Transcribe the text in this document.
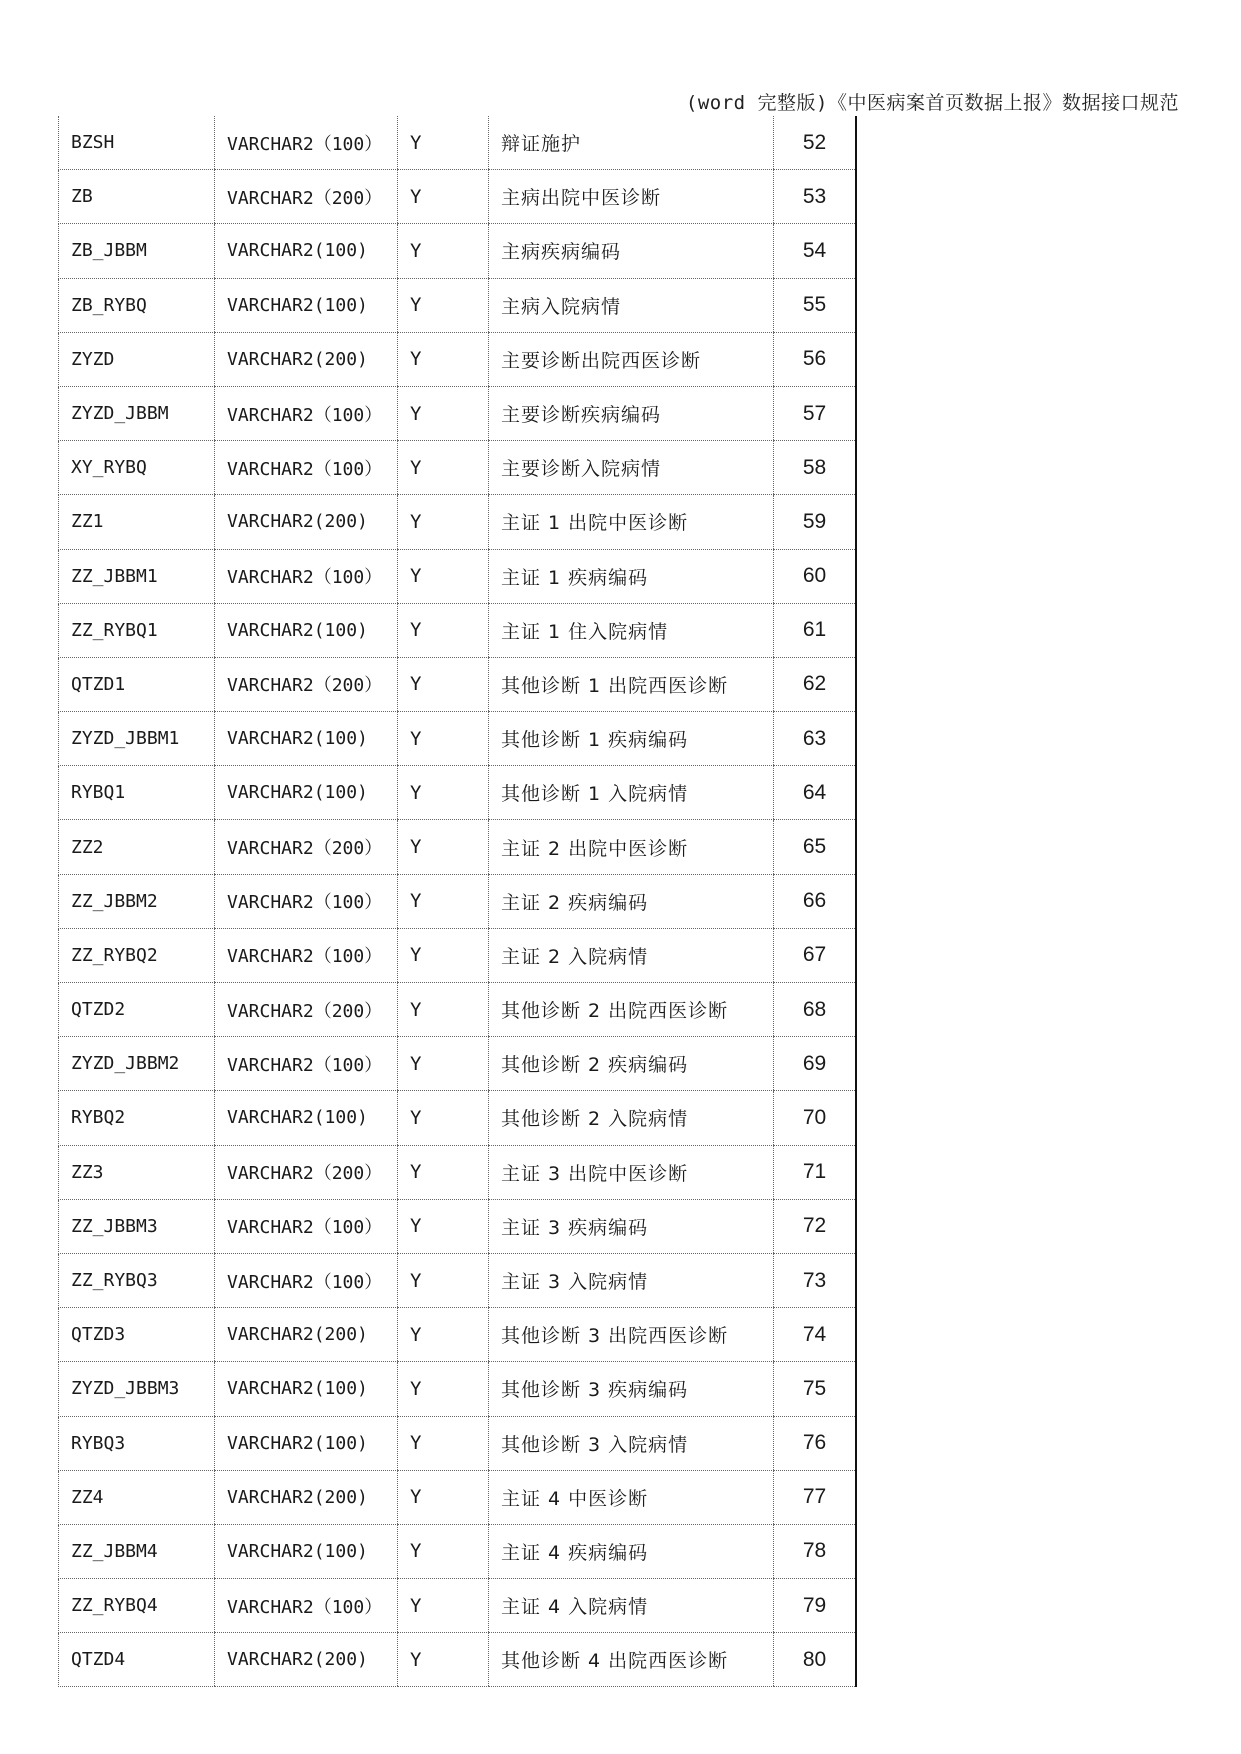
(word 完整版)《中医病案首页数据上报》数据接口规范
BZSH	VARCHAR2（100）	Y	辩证施护	52
ZB	VARCHAR2（200）	Y	主病出院中医诊断	53
ZB_JBBM	VARCHAR2(100)	Y	主病疾病编码	54
ZB_RYBQ	VARCHAR2(100)	Y	主病入院病情	55
ZYZD	VARCHAR2(200)	Y	主要诊断出院西医诊断	56
ZYZD_JBBM	VARCHAR2（100）	Y	主要诊断疾病编码	57
XY_RYBQ	VARCHAR2（100）	Y	主要诊断入院病情	58
ZZ1	VARCHAR2(200)	Y	主证 1 出院中医诊断	59
ZZ_JBBM1	VARCHAR2（100）	Y	主证 1 疾病编码	60
ZZ_RYBQ1	VARCHAR2(100)	Y	主证 1 住入院病情	61
QTZD1	VARCHAR2（200）	Y	其他诊断 1 出院西医诊断	62
ZYZD_JBBM1	VARCHAR2(100)	Y	其他诊断 1 疾病编码	63
RYBQ1	VARCHAR2(100)	Y	其他诊断 1 入院病情	64
ZZ2	VARCHAR2（200）	Y	主证 2 出院中医诊断	65
ZZ_JBBM2	VARCHAR2（100）	Y	主证 2 疾病编码	66
ZZ_RYBQ2	VARCHAR2（100）	Y	主证 2 入院病情	67
QTZD2	VARCHAR2（200）	Y	其他诊断 2 出院西医诊断	68
ZYZD_JBBM2	VARCHAR2（100）	Y	其他诊断 2 疾病编码	69
RYBQ2	VARCHAR2(100)	Y	其他诊断 2 入院病情	70
ZZ3	VARCHAR2（200）	Y	主证 3 出院中医诊断	71
ZZ_JBBM3	VARCHAR2（100）	Y	主证 3 疾病编码	72
ZZ_RYBQ3	VARCHAR2（100）	Y	主证 3 入院病情	73
QTZD3	VARCHAR2(200)	Y	其他诊断 3 出院西医诊断	74
ZYZD_JBBM3	VARCHAR2(100)	Y	其他诊断 3 疾病编码	75
RYBQ3	VARCHAR2(100)	Y	其他诊断 3 入院病情	76
ZZ4	VARCHAR2(200)	Y	主证 4 中医诊断	77
ZZ_JBBM4	VARCHAR2(100)	Y	主证 4 疾病编码	78
ZZ_RYBQ4	VARCHAR2（100）	Y	主证 4 入院病情	79
QTZD4	VARCHAR2(200)	Y	其他诊断 4 出院西医诊断	80
